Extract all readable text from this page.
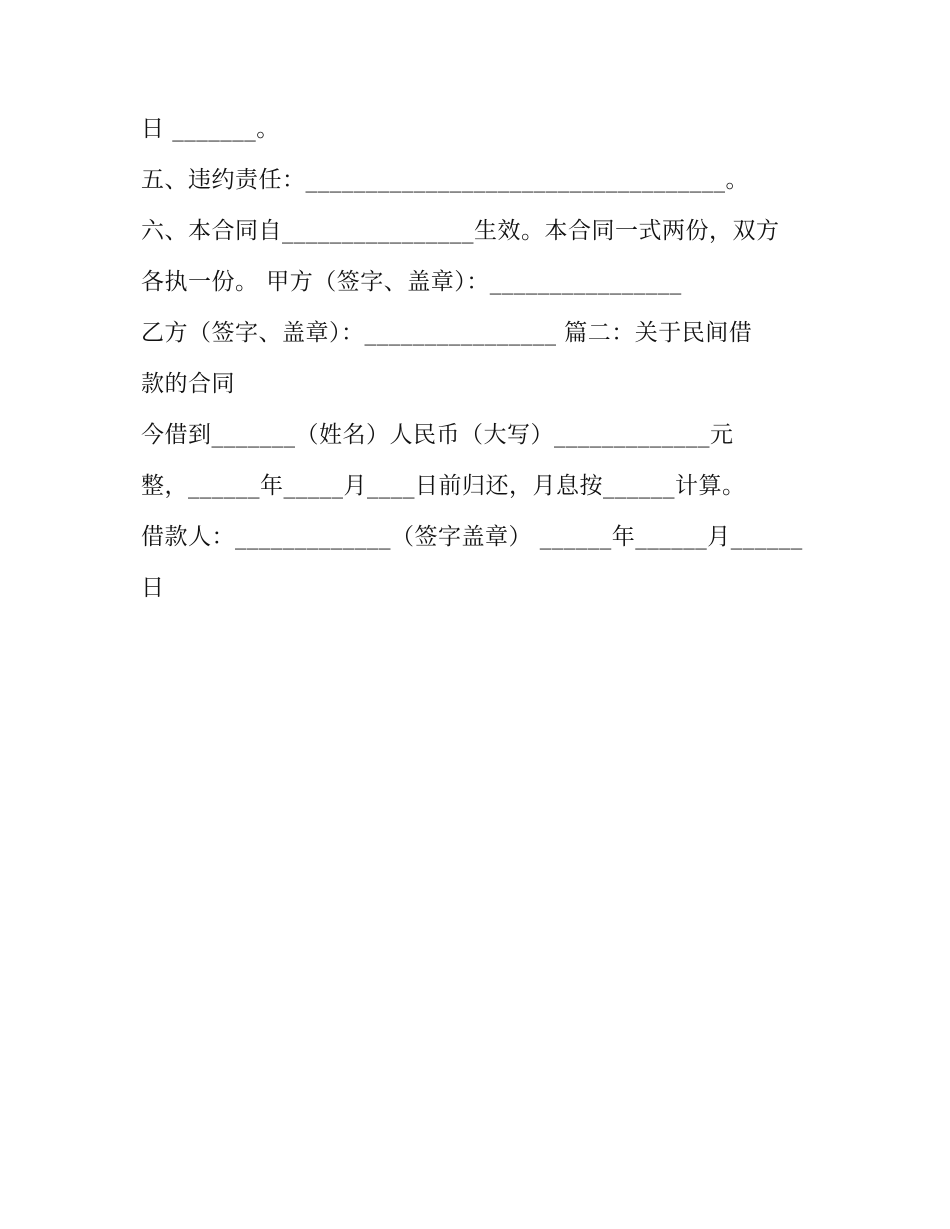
日 _______。
五、违约责任：___________________________________。
六、本合同自________________生效。本合同一式两份，双方
各执一份。 甲方（签字、盖章）：________________
乙方（签字、盖章）：________________ 篇二：关于民间借
款的合同
今借到_______（姓名）人民币（大写）_____________元
整，______年_____月____日前归还，月息按______计算。
借款人：_____________（签字盖章） ______年______月______
日
